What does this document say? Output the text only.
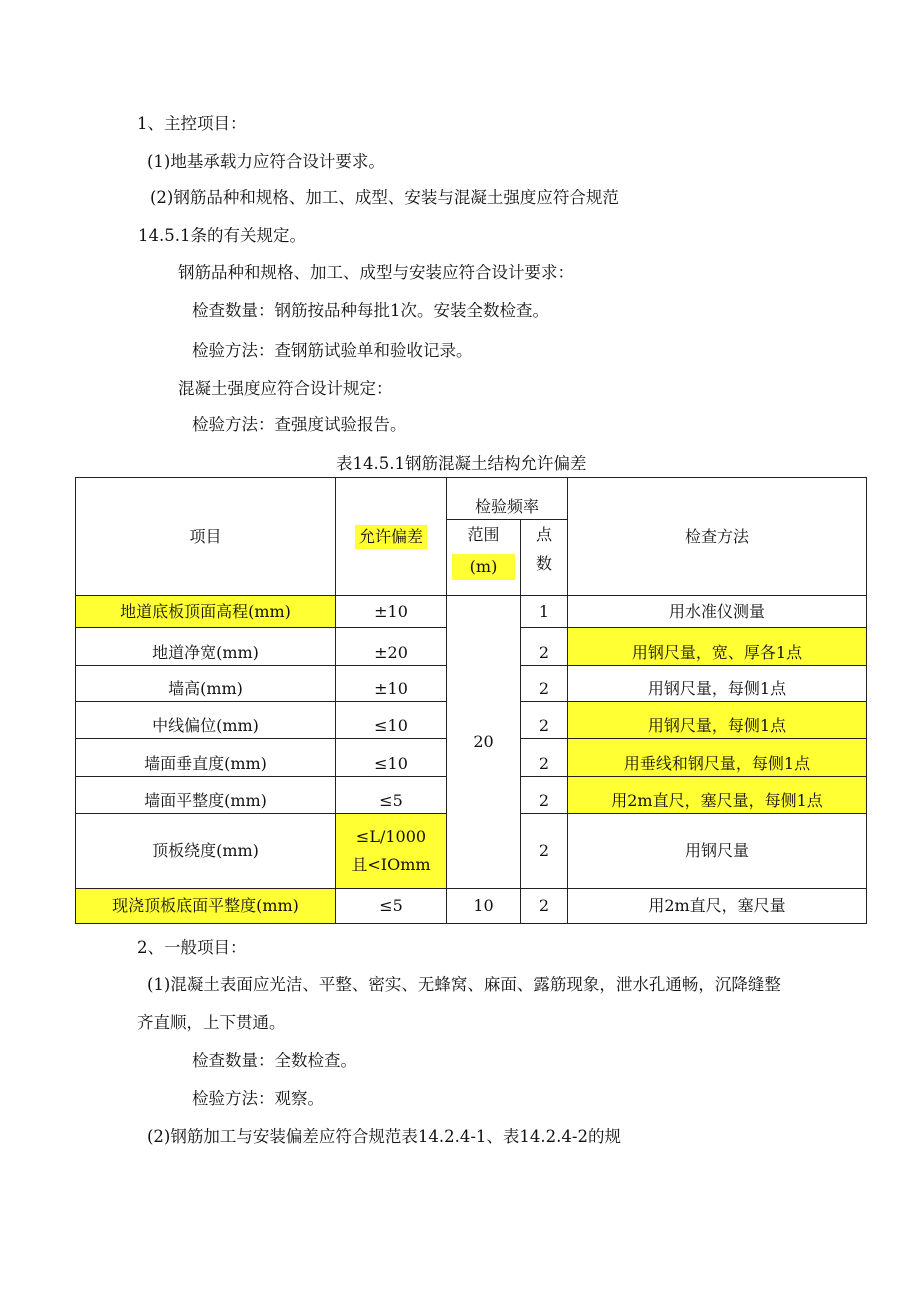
1、主控项目：
(1)地基承载力应符合设计要求。
(2)钢筋品种和规格、加工、成型、安装与混凝土强度应符合规范
14.5.1条的有关规定。
钢筋品种和规格、加工、成型与安装应符合设计要求：
检查数量：钢筋按品种每批1次。安装全数检查。
检验方法：查钢筋试验单和验收记录。
混凝土强度应符合设计规定：
检验方法：查强度试验报告。
表14.5.1钢筋混凝土结构允许偏差
项目	允许偏差	检验频率		检查方法
		范围	点	
		(m)	数	
地道底板顶面高程(mm)	±10	20	1	用水准仪测量
地道净宽(mm)	±20		2	用钢尺量，宽、厚各1点
墙高(mm)	±10		2	用钢尺量，每侧1点
中线偏位(mm)	≤10		2	用钢尺量，每侧1点
墙面垂直度(mm)	≤10		2	用垂线和钢尺量，每侧1点
墙面平整度(mm)	≤5		2	用2m直尺，塞尺量，每侧1点
顶板绕度(mm)	≤L/1000
且<IOmm		2	用钢尺量
现浇顶板底面平整度(mm)	≤5	10	2	用2m直尺，塞尺量
2、一般项目：
(1)混凝土表面应光洁、平整、密实、无蜂窝、麻面、露筋现象，泄水孔通畅，沉降缝整
齐直顺，上下贯通。
检查数量：全数检查。
检验方法：观察。
(2)钢筋加工与安装偏差应符合规范表14.2.4-1、表14.2.4-2的规
